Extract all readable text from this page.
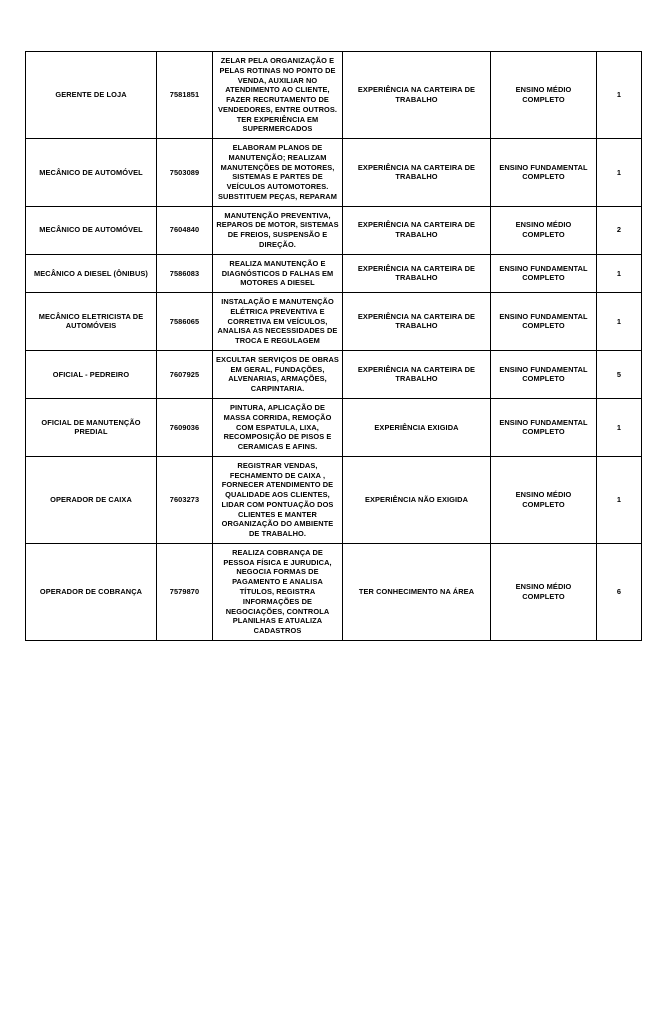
GERENTE DE LOJA	7581851	ZELAR PELA ORGANIZAÇÃO E PELAS ROTINAS NO PONTO DE VENDA, AUXILIAR NO ATENDIMENTO AO CLIENTE, FAZER RECRUTAMENTO DE VENDEDORES, ENTRE OUTROS. TER EXPERIÊNCIA EM SUPERMERCADOS	EXPERIÊNCIA NA CARTEIRA DE TRABALHO	ENSINO MÉDIO COMPLETO	1
MECÂNICO DE AUTOMÓVEL	7503089	ELABORAM PLANOS DE MANUTENÇÃO; REALIZAM MANUTENÇÕES DE MOTORES, SISTEMAS E PARTES DE VEÍCULOS AUTOMOTORES. SUBSTITUEM PEÇAS, REPARAM	EXPERIÊNCIA NA CARTEIRA DE TRABALHO	ENSINO FUNDAMENTAL COMPLETO	1
MECÂNICO DE AUTOMÓVEL	7604840	MANUTENÇÃO PREVENTIVA, REPAROS DE MOTOR, SISTEMAS DE FREIOS, SUSPENSÃO E DIREÇÃO.	EXPERIÊNCIA NA CARTEIRA DE TRABALHO	ENSINO MÉDIO COMPLETO	2
MECÂNICO A DIESEL (ÔNIBUS)	7586083	REALIZA MANUTENÇÃO E DIAGNÓSTICOS D FALHAS EM MOTORES A DIESEL	EXPERIÊNCIA NA CARTEIRA DE TRABALHO	ENSINO FUNDAMENTAL COMPLETO	1
MECÂNICO ELETRICISTA DE AUTOMÓVEIS	7586065	INSTALAÇÃO E MANUTENÇÃO ELÉTRICA PREVENTIVA E CORRETIVA EM VEÍCULOS, ANALISA AS NECESSIDADES DE TROCA E REGULAGEM	EXPERIÊNCIA NA CARTEIRA DE TRABALHO	ENSINO FUNDAMENTAL COMPLETO	1
OFICIAL - PEDREIRO	7607925	EXCULTAR SERVIÇOS DE OBRAS EM GERAL, FUNDAÇÕES, ALVENARIAS, ARMAÇÕES, CARPINTARIA.	EXPERIÊNCIA NA CARTEIRA DE TRABALHO	ENSINO FUNDAMENTAL COMPLETO	5
OFICIAL DE MANUTENÇÃO PREDIAL	7609036	PINTURA, APLICAÇÃO DE MASSA CORRIDA, REMOÇÃO COM ESPATULA, LIXA, RECOMPOSIÇÃO DE PISOS E CERAMICAS E AFINS.	EXPERIÊNCIA EXIGIDA	ENSINO FUNDAMENTAL COMPLETO	1
OPERADOR DE CAIXA	7603273	REGISTRAR VENDAS, FECHAMENTO DE CAIXA , FORNECER ATENDIMENTO DE QUALIDADE AOS CLIENTES, LIDAR COM PONTUAÇÃO DOS CLIENTES E MANTER ORGANIZAÇÃO DO AMBIENTE DE TRABALHO.	EXPERIÊNCIA NÃO EXIGIDA	ENSINO MÉDIO COMPLETO	1
OPERADOR DE COBRANÇA	7579870	REALIZA COBRANÇA DE PESSOA FÍSICA E JURUDICA, NEGOCIA FORMAS DE PAGAMENTO E ANALISA TÍTULOS, REGISTRA INFORMAÇÕES DE NEGOCIAÇÕES, CONTROLA PLANILHAS E ATUALIZA CADASTROS	TER CONHECIMENTO NA ÁREA	ENSINO MÉDIO COMPLETO	6
